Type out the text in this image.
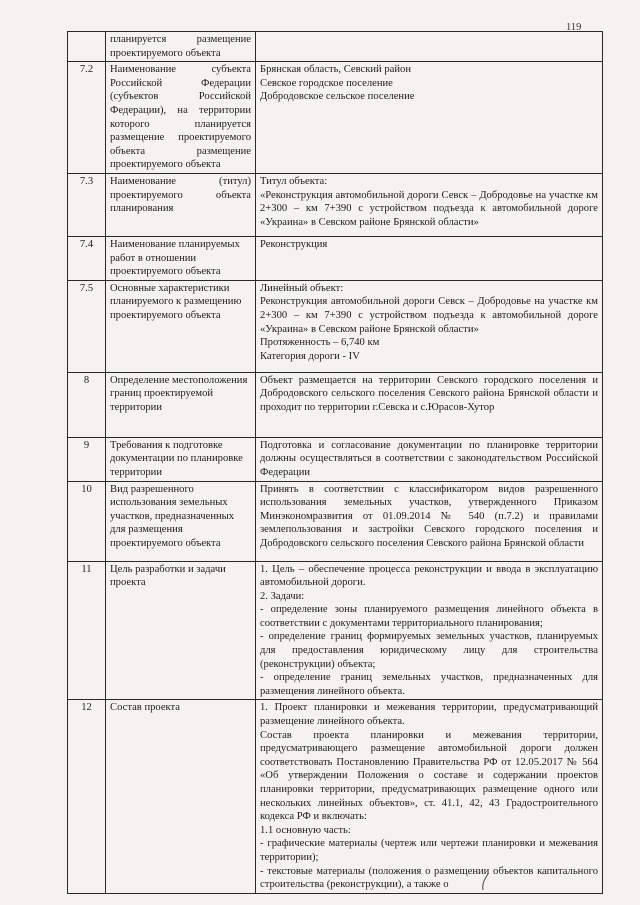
119
	планируется размещение проектируемого объекта	
7.2	Наименование субъекта Российской Федерации (субъектов Российской Федерации), на территории которого планируется размещение проектируемого объекта размещение проектируемого объекта	Брянская область, Севский район
Севское городское поселение
Добродовское сельское поселение

7.3	Наименование (титул) проектируемого объекта планирования	Титул объекта:
«Реконструкция автомобильной дороги Севск – Добродовье на участке км 2+300 – км 7+390 с устройством подъезда к автомобильной дороге «Украина» в Севском районе Брянской области»

7.4	Наименование планируемых работ в отношении проектируемого объекта	Реконструкция

7.5	Основные характеристики планируемого к размещению проектируемого объекта	Линейный объект:
Реконструкция автомобильной дороги Севск – Добродовье на участке км 2+300 – км 7+390 с устройством подъезда к автомобильной дороге «Украина» в Севском районе Брянской области»
Протяженность – 6,740 км
Категория дороги - IV

8	Определение местоположения границ проектируемой территории	Объект размещается на территории Севского городского поселения и Добродовского сельского поселения Севского района Брянской области и проходит по территории г.Севска и с.Юрасов-Хутор

9	Требования к подготовке документации по планировке территории	Подготовка и согласование документации по планировке территории должны осуществляться в соответствии с законодательством Российской Федерации

10	Вид разрешенного использования земельных участков, предназначенных для размещения проектируемого объекта	Принять в соответствии с классификатором видов разрешенного использования земельных участков, утвержденного Приказом Минэкономразвития от 01.09.2014 № 540 (п.7.2) и правилами землепользования и застройки Севского городского поселения и Добродовского сельского поселения Севского района Брянской области

11	Цель разработки и задачи проекта	1. Цель – обеспечение процесса реконструкции и ввода в эксплуатацию автомобильной дороги.
2. Задачи:
- определение зоны планируемого размещения линейного объекта в соответствии с документами территориального планирования;
- определение границ формируемых земельных участков, планируемых для предоставления юридическому лицу для строительства (реконструкции) объекта;
- определение границ земельных участков, предназначенных для размещения линейного объекта.

12	Состав проекта	1. Проект планировки и межевания территории, предусматривающий размещение линейного объекта.
Состав проекта планировки и межевания территории, предусматривающего размещение автомобильной дороги должен соответствовать Постановлению Правительства РФ от 12.05.2017 № 564 «Об утверждении Положения о составе и содержании проектов планировки территории, предусматривающих размещение одного или нескольких линейных объектов», ст. 41.1, 42, 43 Градостроительного кодекса РФ и включать:
1.1 основную часть:
- графические материалы (чертеж или чертежи планировки и межевания территории);
- текстовые материалы (положения о размещении объектов капитального строительства (реконструкции), а также о
